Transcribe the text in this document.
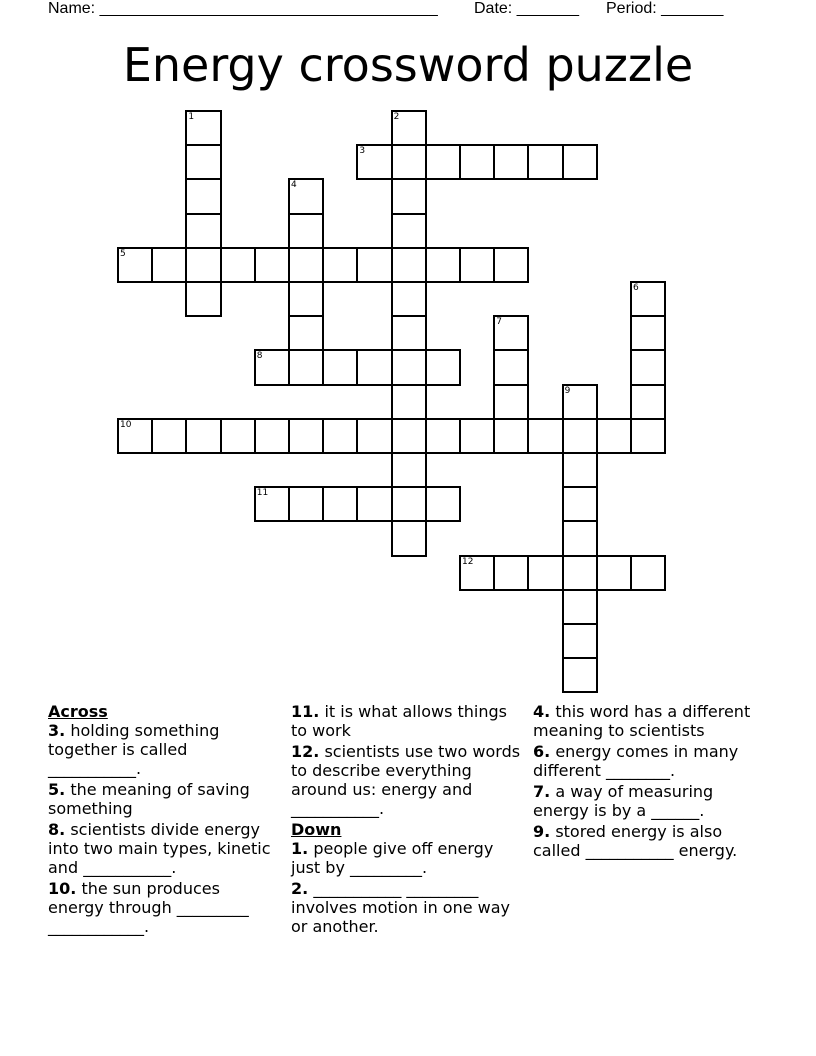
Name: ______________________________________ Date: _______ Period: _______
Energy crossword puzzle
1	2
3
4
5
6
7
8
9
10
11
12
Across
3. holding something together is called ___________.
5. the meaning of saving something
8. scientists divide energy into two main types, kinetic and ___________.
10. the sun produces energy through _________ ____________.
11. it is what allows things to work
12. scientists use two words to describe everything around us: energy and ___________.
Down
1. people give off energy just by _________.
2. ___________ _________ involves motion in one way or another.
4. this word has a different meaning to scientists
6. energy comes in many different ________.
7. a way of measuring energy is by a ______.
9. stored energy is also called ___________ energy.
